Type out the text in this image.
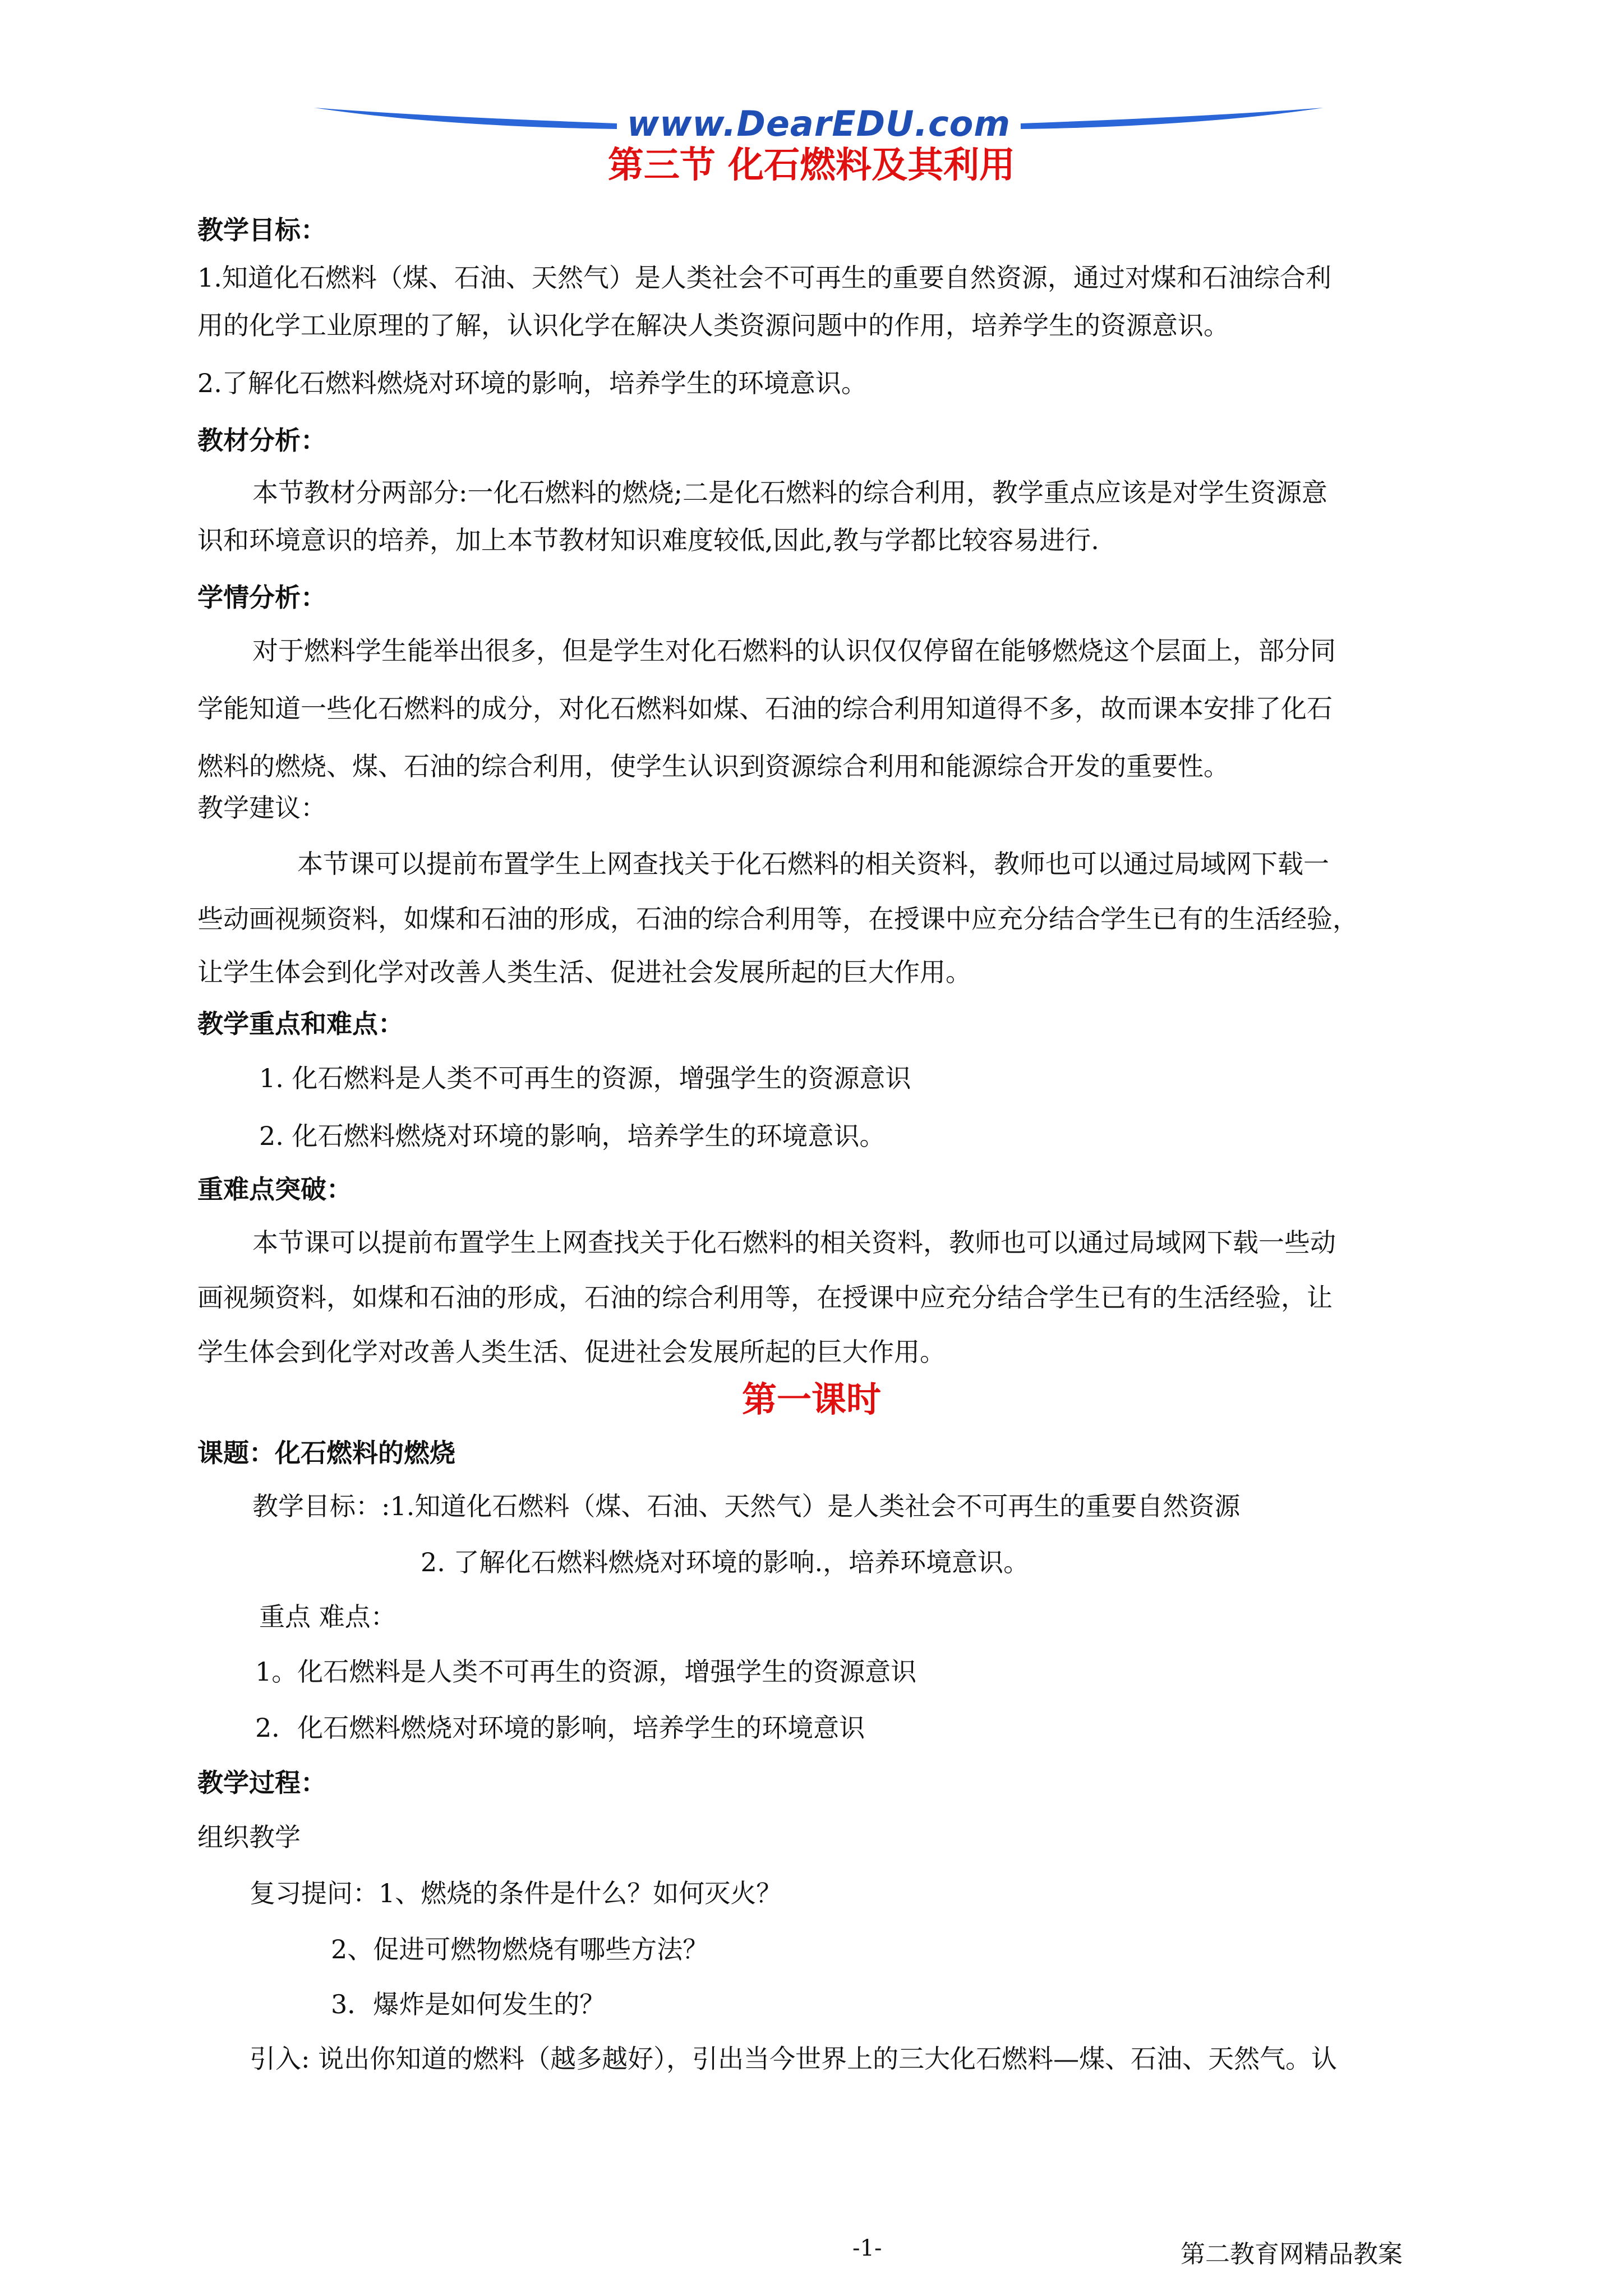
www.DearEDU.com
第三节 化石燃料及其利用
教学目标：
1.知道化石燃料（煤、石油、天然气）是人类社会不可再生的重要自然资源，通过对煤和石油综合利
用的化学工业原理的了解，认识化学在解决人类资源问题中的作用，培养学生的资源意识。
2.了解化石燃料燃烧对环境的影响，培养学生的环境意识。
教材分析：
本节教材分两部分:一化石燃料的燃烧;二是化石燃料的综合利用，教学重点应该是对学生资源意
识和环境意识的培养，加上本节教材知识难度较低,因此,教与学都比较容易进行.
学情分析：
对于燃料学生能举出很多，但是学生对化石燃料的认识仅仅停留在能够燃烧这个层面上，部分同
学能知道一些化石燃料的成分，对化石燃料如煤、石油的综合利用知道得不多，故而课本安排了化石
燃料的燃烧、煤、石油的综合利用，使学生认识到资源综合利用和能源综合开发的重要性。
教学建议：
本节课可以提前布置学生上网查找关于化石燃料的相关资料，教师也可以通过局域网下载一
些动画视频资料，如煤和石油的形成，石油的综合利用等，在授课中应充分结合学生已有的生活经验，
让学生体会到化学对改善人类生活、促进社会发展所起的巨大作用。
教学重点和难点：
1. 化石燃料是人类不可再生的资源，增强学生的资源意识
2. 化石燃料燃烧对环境的影响，培养学生的环境意识。
重难点突破：
本节课可以提前布置学生上网查找关于化石燃料的相关资料，教师也可以通过局域网下载一些动
画视频资料，如煤和石油的形成，石油的综合利用等，在授课中应充分结合学生已有的生活经验，让
学生体会到化学对改善人类生活、促进社会发展所起的巨大作用。
第一课时
课题：化石燃料的燃烧
教学目标：:1.知道化石燃料（煤、石油、天然气）是人类社会不可再生的重要自然资源
2. 了解化石燃料燃烧对环境的影响.，培养环境意识。
重点 难点：
1。化石燃料是人类不可再生的资源，增强学生的资源意识
2．化石燃料燃烧对环境的影响，培养学生的环境意识
教学过程：
组织教学
复习提问：1、燃烧的条件是什么？如何灭火？
2、促进可燃物燃烧有哪些方法？
3．爆炸是如何发生的？
引入: 说出你知道的燃料（越多越好），引出当今世界上的三大化石燃料—煤、石油、天然气。认
-1-	第二教育网精品教案
